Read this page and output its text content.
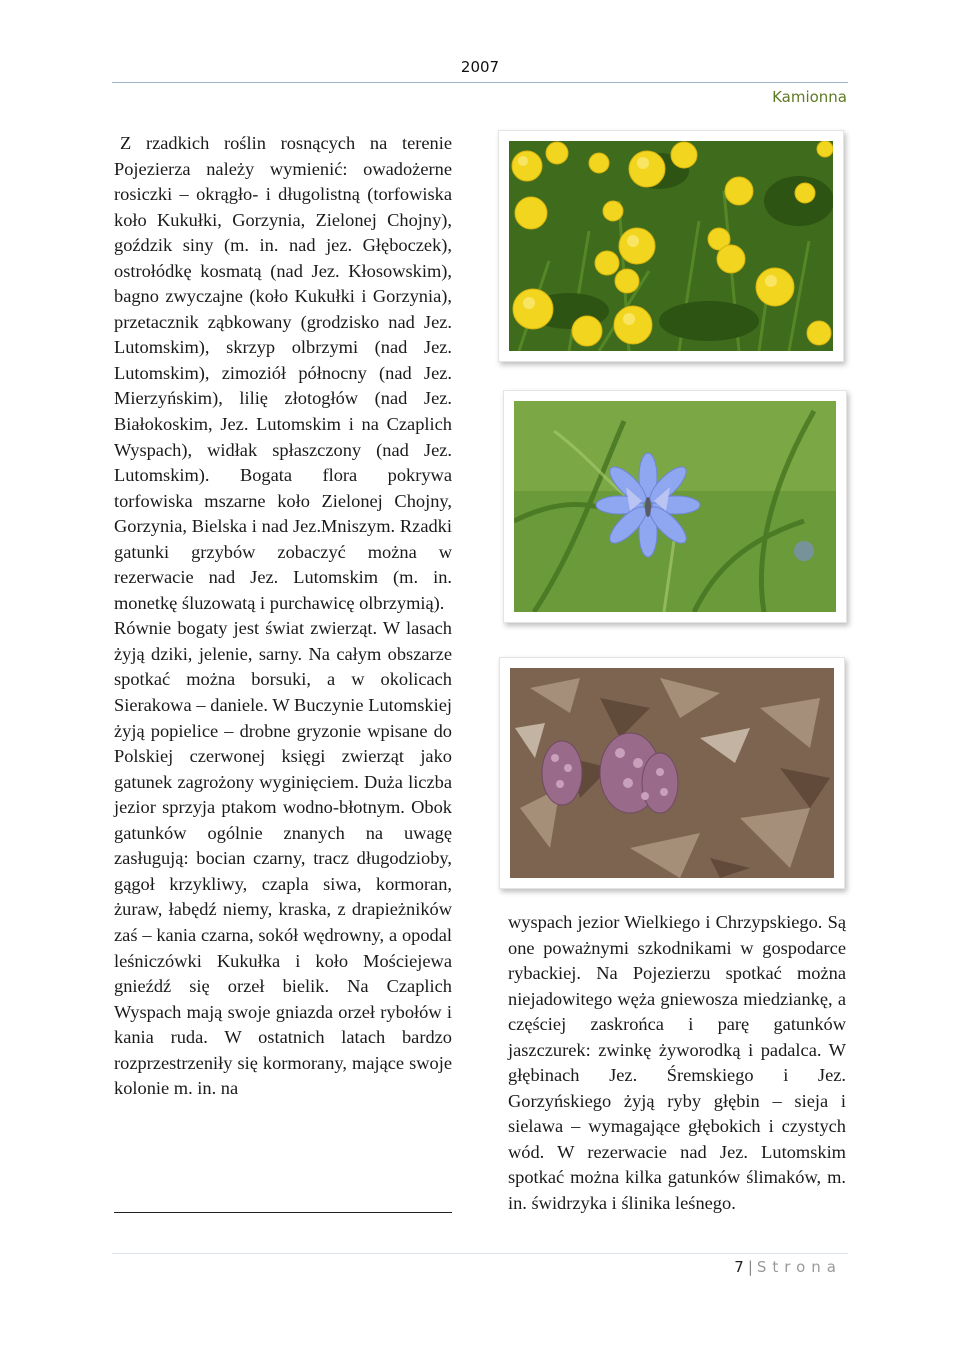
2007
Kamionna

Z rzadkich roślin rosnących na terenie Pojezierza należy wymienić: owadożerne rosiczki – okrągło- i długolistną (torfowiska koło Kukułki, Gorzynia, Zielonej Chojny), goździk siny (m. in. nad jez. Głęboczek), ostrołódkę kosmatą (nad Jez. Kłosowskim), bagno zwyczajne (koło Kukułki i Gorzynia), przetacznik ząbkowany (grodzisko nad Jez. Lutomskim), skrzyp olbrzymi (nad Jez. Lutomskim), zimoziół północny (nad Jez. Mierzyńskim), lilię złotogłów (nad Jez. Białokoskim, Jez. Lutomskim i na Czaplich Wyspach), widłak spłaszczony (nad Jez. Lutomskim). Bogata flora pokrywa torfowiska mszarne koło Zielonej Chojny, Gorzynia, Bielska i nad Jez.Mniszym. Rzadki gatunki grzybów zobaczyć można w rezerwacie nad Jez. Lutomskim (m. in. monetkę śluzowatą i purchawicę olbrzymią).

Równie bogaty jest świat zwierząt. W lasach żyją dziki, jelenie, sarny. Na całym obszarze spotkać można borsuki, a w okolicach Sierakowa – daniele. W Buczynie Lutomskiej żyją popielice – drobne gryzonie wpisane do Polskiej czerwonej księgi zwierząt jako gatunek zagrożony wyginięciem. Duża liczba jezior sprzyja ptakom wodno-błotnym. Obok gatunków ogólnie znanych na uwagę zasługują: bocian czarny, tracz długodzioby, gągoł krzykliwy, czapla siwa, kormoran, żuraw, łabędź niemy, kraska, z drapieżników zaś – kania czarna, sokół wędrowny, a opodal leśniczówki Kukułka i koło Mościejewa gnieźdź się orzeł bielik. Na Czaplich Wyspach mają swoje gniazda orzeł rybołów i kania ruda. W ostatnich latach bardzo rozprzestrzeniły się kormorany, mające swoje kolonie m. in. na

wyspach jezior Wielkiego i Chrzypskiego. Są one poważnymi szkodnikami w gospodarce rybackiej. Na Pojezierzu spotkać można niejadowitego węża gniewosza miedziankę, a częściej zaskrońca i parę gatunków jaszczurek: zwinkę żyworodką i padalca. W głębinach Jez. Śremskiego i Jez. Gorzyńskiego żyją ryby głębin – sieja i sielawa – wymagające głębokich i czystych wód. W rezerwacie nad Jez. Lutomskim spotkać można kilka gatunków ślimaków, m. in. świdrzyka i ślinika leśnego.

7 | Strona
